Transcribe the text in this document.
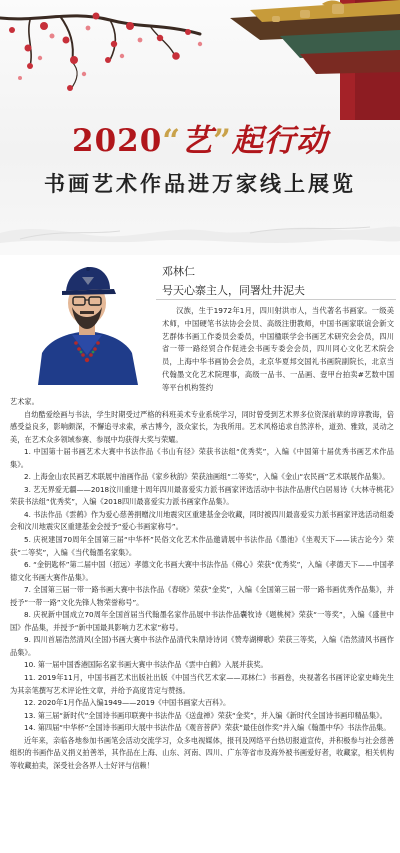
2020“艺”起行动
书画艺术作品进万家线上展览
邓林仁
号天心寨主人，同署灶井泥夫
汉族，生于1972年1月，四川射洪市人，当代著名书画家。一级美术师，中国硬笔书法协会会员、高级注册教师，中国书画家联谊会新文艺群体书画工作委员会委员，中国楹联学会书画艺术研究会会员，四川省一带一路经贸合作促进会书画专委会会员，四川同心文化艺术院会员，上海中华书画协会会员，北京华夏邦交国礼书画院副院长，北京当代翰墨文化艺术院理事，高级一品书、一品画、壹甲台拍卖#艺数中国等平台机构签约

艺术家。

自幼酷爱绘画与书法，学生时期受过严格的科班美术专业系统学习，同时曾受到艺术界多位资深前辈的谆谆教诲，倍感受益良多，影响颇深，不懈追寻求索，承古博今，汲众家长，为我所用。艺术风格追求自然淳朴，道劲、雅致，灵动之美，在艺术众多领域参赛、参展中均获得大奖与荣耀。

1. 中国第十届书画艺术大赛中书法作品《书山有径》荣获书法组“优秀奖”，入编《中国第十届优秀书画艺术作品集》。

2. 上海金山农民画艺术联展中油画作品《家乡秋韵》荣获油画组“二等奖”，入编《金山“农民画”艺术联展作品集》。

3. 艺无界爱无疆——2018汶川重建十周年四川最喜爱实力派书画家评选活动中书法作品唐代白居易诗《大林寺桃花》荣获书法组“优秀奖”，入编《2018四川最喜爱实力派书画家作品集》。

4. 书法作品《雲鹤》作为爱心慈善捐赠汶川地震灾区重建基金会收藏，同时被四川最喜爱实力派书画家评选活动组委会和汶川地震灾区重建基金会授予“爱心书画家称号”。

5. 庆祝建国70周年全国第三届“中华杯”民俗文化艺术作品邀请展中书法作品《墨池》《坐观天下——读古论今》荣获“二等奖”，入编《当代翰墨名家集》。

6. “金钥匙杯”第二届中国（招远）孝德文化书画大赛中书法作品《佛心》荣获“优秀奖”，入编《孝德天下——中国孝德文化书画大赛作品集》。

7. 全国第三届一带一路书画大赛中书法作品《春晓》荣获“金奖”，入编《全国第三届一带一路书画优秀作品集》，并授予“一带一路”文化先锋人物荣誉称号”。

8. 庆祝新中国成立70周年全国首届当代翰墨名家作品展中书法作品囊牧诗《题桃树》荣获“一等奖”，入编《盛世中国》作品集，并授予“新中国最具影响力艺术家”称号。

9. 四川首届浩然清风(全国)书画大赛中书法作品清代朱鼎诗诗词《赞寿湖柳歌》荣获三等奖，入编《浩然清风书画作品集》。

10. 第一届中国香港国际名家书画大赛中书法作品《雲中白鹤》入展并获奖。

11. 2019年11月，中国书画艺术出版社出版《中国当代艺术家——邓林仁》书画卷，央视著名书画评论家史峰先生为其亲笔撰写艺术评论性文章，并给予高度肯定与赞扬。

12. 2020年1月作品入编1949——2019《中国书画家大百科》。

13. 第三届“新时代”全国诗书画印联赛中书法作品《送盘禅》荣获“金奖”，并入编《新时代全国诗书画印精品集》。

14. 第四届“中华杯”全国诗书画印大展中书法作品《观音菩萨》荣获“最佳创作奖”并入编《翰墨中华》书法作品集。

近年来，亲临各地参加书画笔会活动交流学习，众多电视媒体，报刊及网络平台热切报道宣传，并积极参与社会慈善组织的书画作品义捐义拍善举，其作品在上海、山东、河南、四川、广东等省市及海外被书画爱好者，收藏家，相关机构等收藏拍卖，深受社会各界人士好评与信赖！
